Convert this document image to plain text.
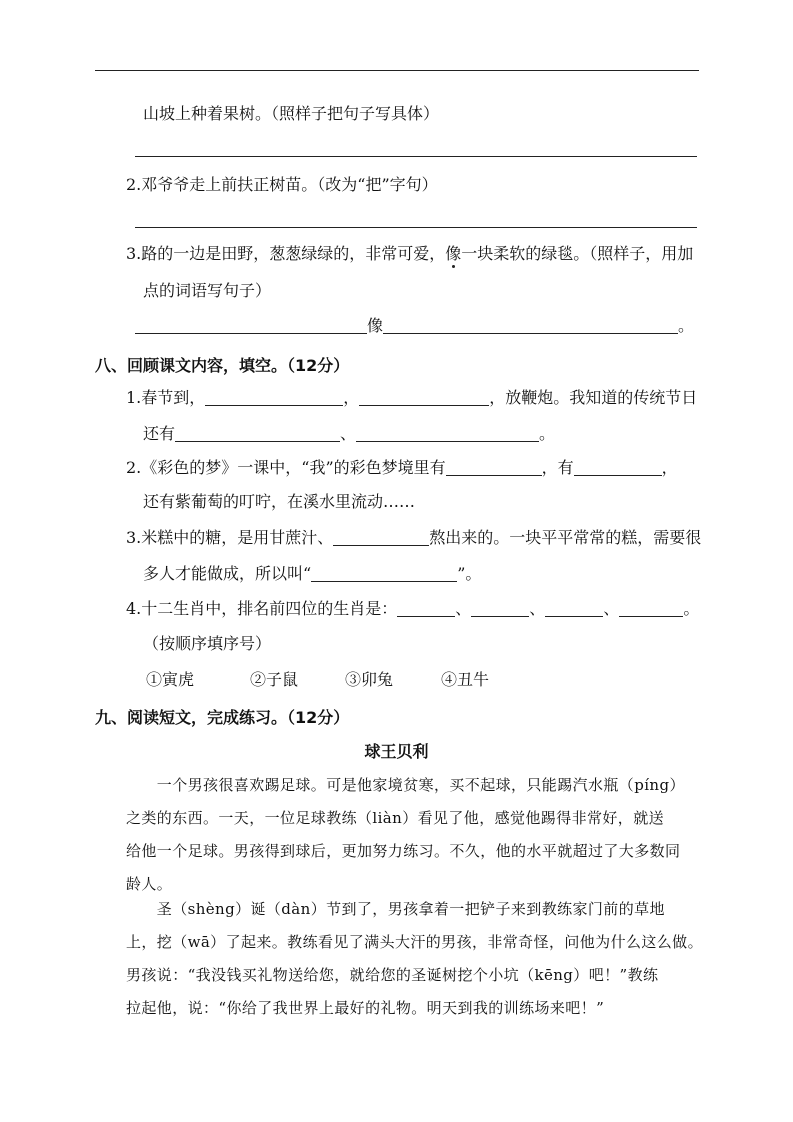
山坡上种着果树。（照样子把句子写具体）
2.邓爷爷走上前扶正树苗。（改为“把”字句）
3.路的一边是田野，葱葱绿绿的，非常可爱，像一块柔软的绿毯。（照样子，用加
点的词语写句子）
像	。
八、回顾课文内容，填空。（12分）
1.春节到，	，	，放鞭炮。我知道的传统节日
还有	、	。
2.《彩色的梦》一课中，“我”的彩色梦境里有	，有	，
还有紫葡萄的叮咛，在溪水里流动……
3.米糕中的糖，是用甘蔗汁、	熬出来的。一块平平常常的糕，需要很
多人才能做成，所以叫“	”。
4.十二生肖中，排名前四位的生肖是：	、	、	、	。
（按顺序填序号）
①寅虎	②子鼠	③卯兔	④丑牛
九、阅读短文，完成练习。（12分）
球王贝利
　　一个男孩很喜欢踢足球。可是他家境贫寒，买不起球，只能踢汽水瓶（píng）
之类的东西。一天，一位足球教练（liàn）看见了他，感觉他踢得非常好，就送
给他一个足球。男孩得到球后，更加努力练习。不久，他的水平就超过了大多数同
龄人。
　　圣（shèng）诞（dàn）节到了，男孩拿着一把铲子来到教练家门前的草地
上，挖（wā）了起来。教练看见了满头大汗的男孩，非常奇怪，问他为什么这么做。
男孩说：“我没钱买礼物送给您，就给您的圣诞树挖个小坑（kēng）吧！”教练
拉起他，说：“你给了我世界上最好的礼物。明天到我的训练场来吧！”
